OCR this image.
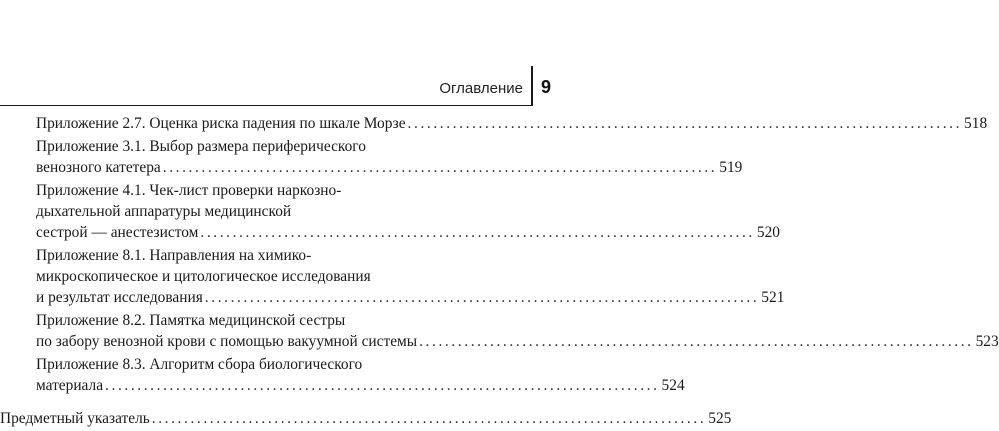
Оглавление 9
Приложение 2.7. Оценка риска падения по шкале Морзе ...................................................................................... 518
Приложение 3.1. Выбор размера периферического
венозного катетера ...................................................................................... 519
Приложение 4.1. Чек-лист проверки наркозно-
дыхательной аппаратуры медицинской
сестрой — анестезистом ...................................................................................... 520
Приложение 8.1. Направления на химико-
микроскопическое и цитологическое исследования
и результат исследования ...................................................................................... 521
Приложение 8.2. Памятка медицинской сестры
по забору венозной крови с помощью вакуумной системы ...................................................................................... 523
Приложение 8.3. Алгоритм сбора биологического
материала ...................................................................................... 524
Предметный указатель ...................................................................................... 525
